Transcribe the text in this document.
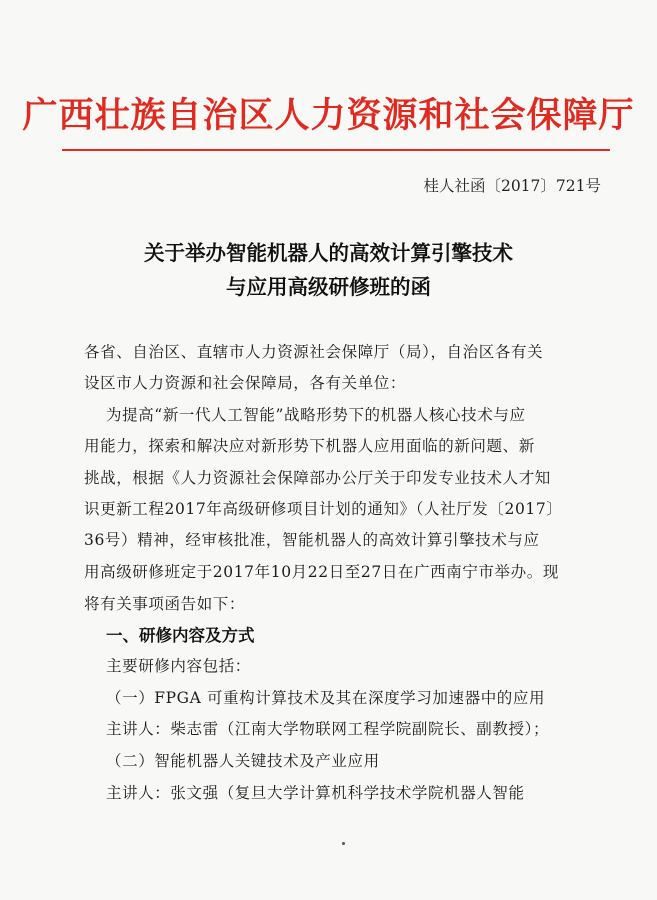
广西壮族自治区人力资源和社会保障厅
桂人社函〔2017〕721号
关于举办智能机器人的高效计算引擎技术
与应用高级研修班的函
各省、自治区、直辖市人力资源社会保障厅（局），自治区各有关
设区市人力资源和社会保障局，各有关单位：
为提高“新一代人工智能”战略形势下的机器人核心技术与应
用能力，探索和解决应对新形势下机器人应用面临的新问题、新
挑战，根据《人力资源社会保障部办公厅关于印发专业技术人才知
识更新工程2017年高级研修项目计划的通知》（人社厅发〔2017〕
36号）精神，经审核批准，智能机器人的高效计算引擎技术与应
用高级研修班定于2017年10月22日至27日在广西南宁市举办。现
将有关事项函告如下：
一、研修内容及方式
主要研修内容包括：
（一）FPGA 可重构计算技术及其在深度学习加速器中的应用
主讲人：柴志雷（江南大学物联网工程学院副院长、副教授）；
（二）智能机器人关键技术及产业应用
主讲人：张文强（复旦大学计算机科学技术学院机器人智能
